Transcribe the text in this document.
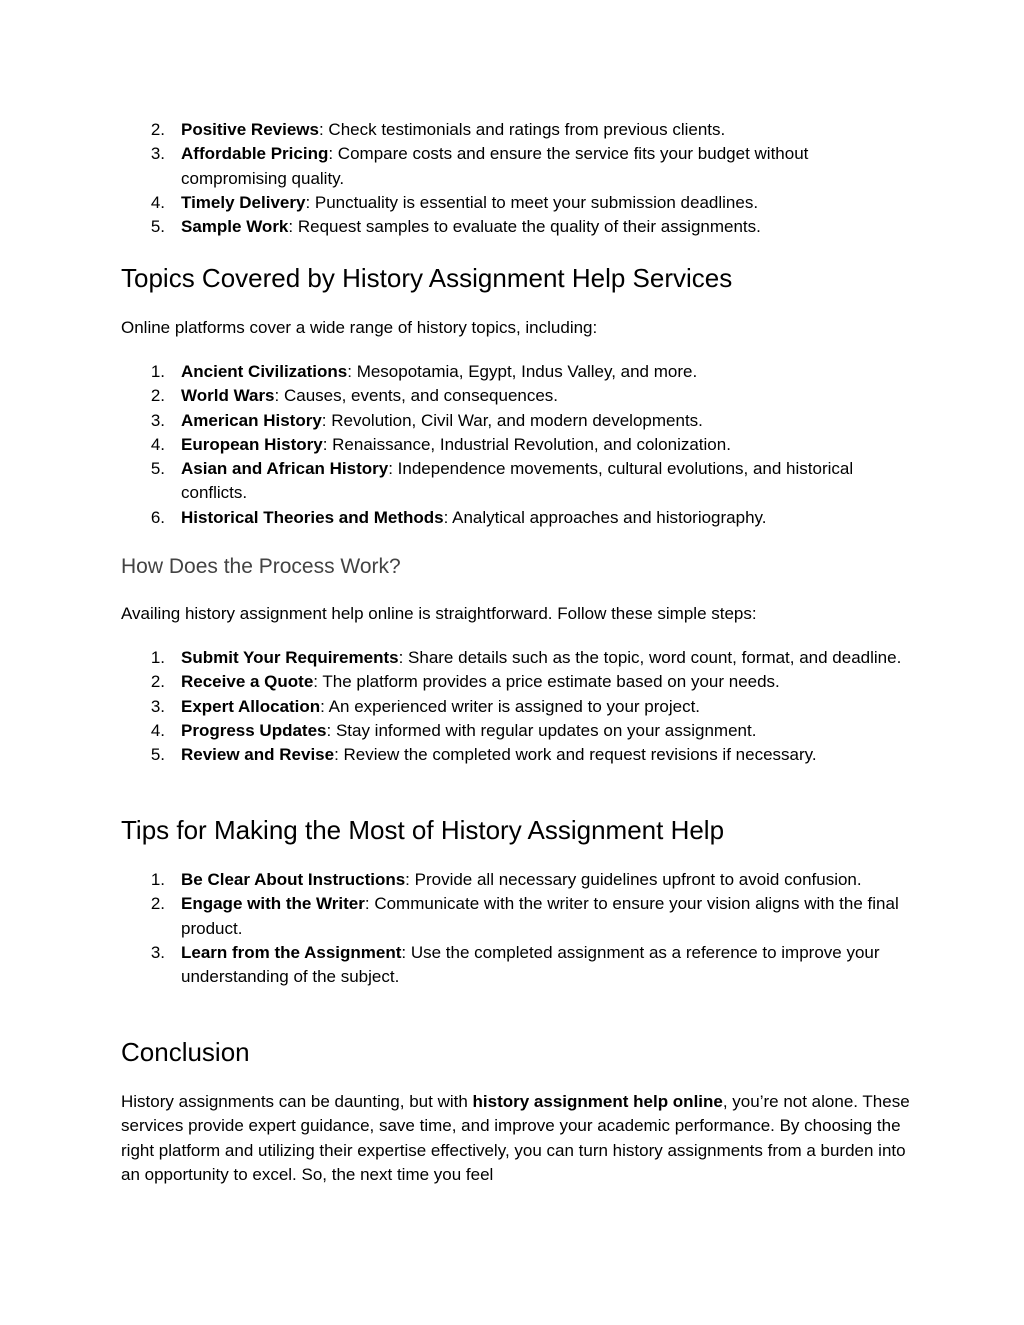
2. Positive Reviews: Check testimonials and ratings from previous clients.
3. Affordable Pricing: Compare costs and ensure the service fits your budget without compromising quality.
4. Timely Delivery: Punctuality is essential to meet your submission deadlines.
5. Sample Work: Request samples to evaluate the quality of their assignments.
Topics Covered by History Assignment Help Services

Online platforms cover a wide range of history topics, including:

1. Ancient Civilizations: Mesopotamia, Egypt, Indus Valley, and more.
2. World Wars: Causes, events, and consequences.
3. American History: Revolution, Civil War, and modern developments.
4. European History: Renaissance, Industrial Revolution, and colonization.
5. Asian and African History: Independence movements, cultural evolutions, and historical conflicts.
6. Historical Theories and Methods: Analytical approaches and historiography.
How Does the Process Work?

Availing history assignment help online is straightforward. Follow these simple steps:

1. Submit Your Requirements: Share details such as the topic, word count, format, and deadline.
2. Receive a Quote: The platform provides a price estimate based on your needs.
3. Expert Allocation: An experienced writer is assigned to your project.
4. Progress Updates: Stay informed with regular updates on your assignment.
5. Review and Revise: Review the completed work and request revisions if necessary.
Tips for Making the Most of History Assignment Help
1. Be Clear About Instructions: Provide all necessary guidelines upfront to avoid confusion.
2. Engage with the Writer: Communicate with the writer to ensure your vision aligns with the final product.
3. Learn from the Assignment: Use the completed assignment as a reference to improve your understanding of the subject.
Conclusion

History assignments can be daunting, but with history assignment help online, you’re not alone. These services provide expert guidance, save time, and improve your academic performance. By choosing the right platform and utilizing their expertise effectively, you can turn history assignments from a burden into an opportunity to excel. So, the next time you feel
